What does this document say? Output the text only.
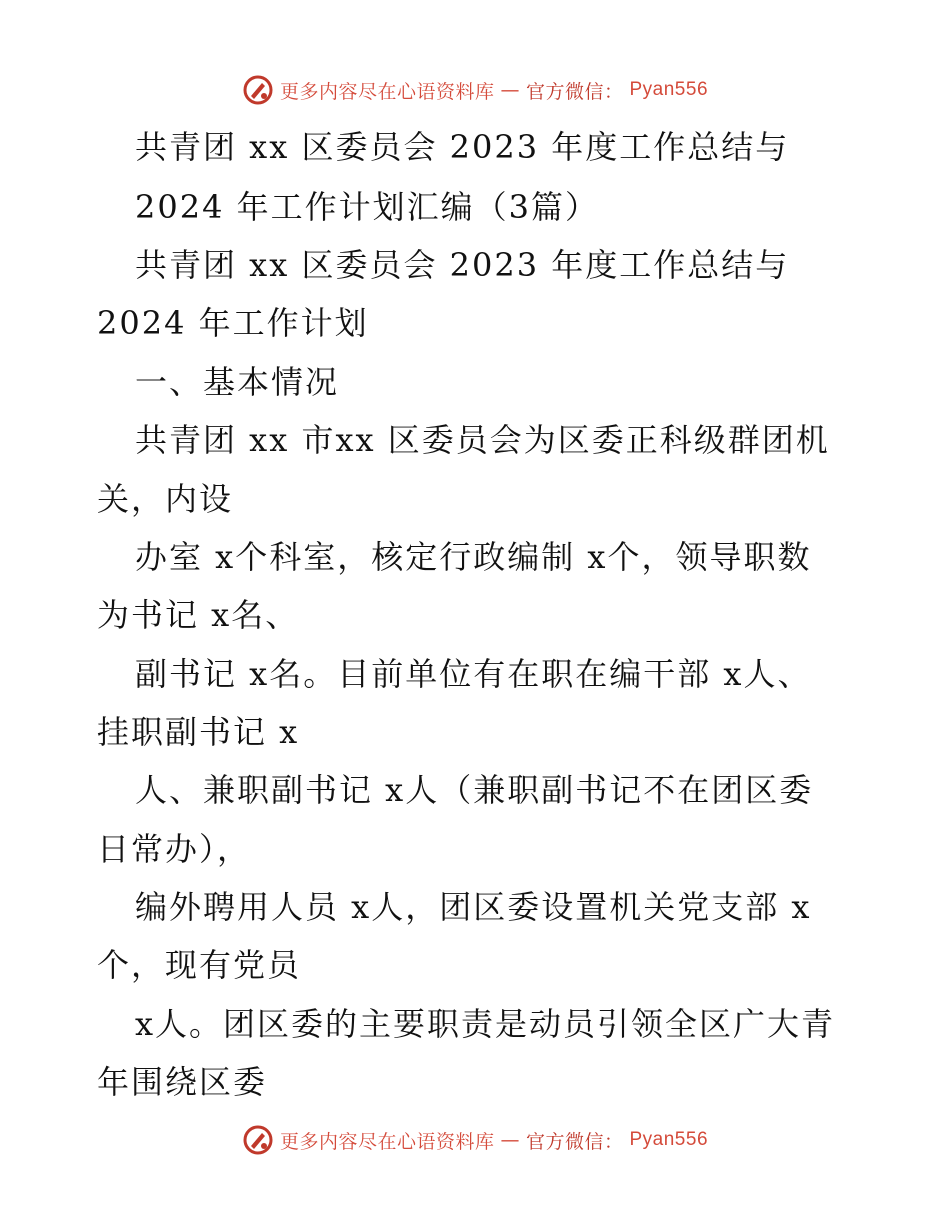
更多内容尽在心语资料库 — 官方微信： Pyan556
共青团 xx 区委员会 2023 年度工作总结与
2024 年工作计划汇编（3篇）
共青团 xx 区委员会 2023 年度工作总结与
2024 年工作计划
一、基本情况
共青团 xx 市xx 区委员会为区委正科级群团机
关，内设
办室 x个科室，核定行政编制 x个，领导职数
为书记 x名、
副书记 x名。目前单位有在职在编干部 x人、
挂职副书记 x
人、兼职副书记 x人（兼职副书记不在团区委
日常办），
编外聘用人员 x人，团区委设置机关党支部 x
个，现有党员
x人。团区委的主要职责是动员引领全区广大青
年围绕区委
更多内容尽在心语资料库 — 官方微信： Pyan556
